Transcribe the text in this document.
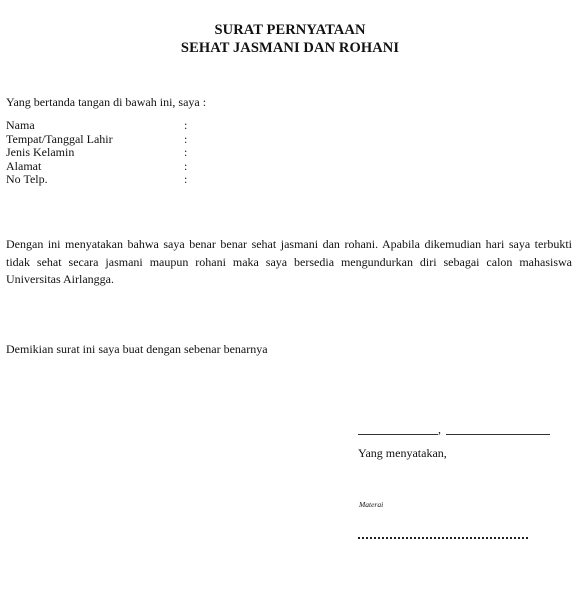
SURAT PERNYATAAN
SEHAT JASMANI DAN ROHANI
Yang bertanda tangan di bawah ini, saya :
Nama	:
Tempat/Tanggal Lahir	:
Jenis Kelamin	:
Alamat	:
No Telp.	:
Dengan ini menyatakan bahwa saya benar benar sehat jasmani dan rohani. Apabila dikemudian hari saya terbukti tidak sehat secara jasmani maupun rohani maka saya bersedia mengundurkan diri sebagai calon mahasiswa Universitas Airlangga.
Demikian surat ini saya buat dengan sebenar benarnya
,
Yang menyatakan,
Materai
